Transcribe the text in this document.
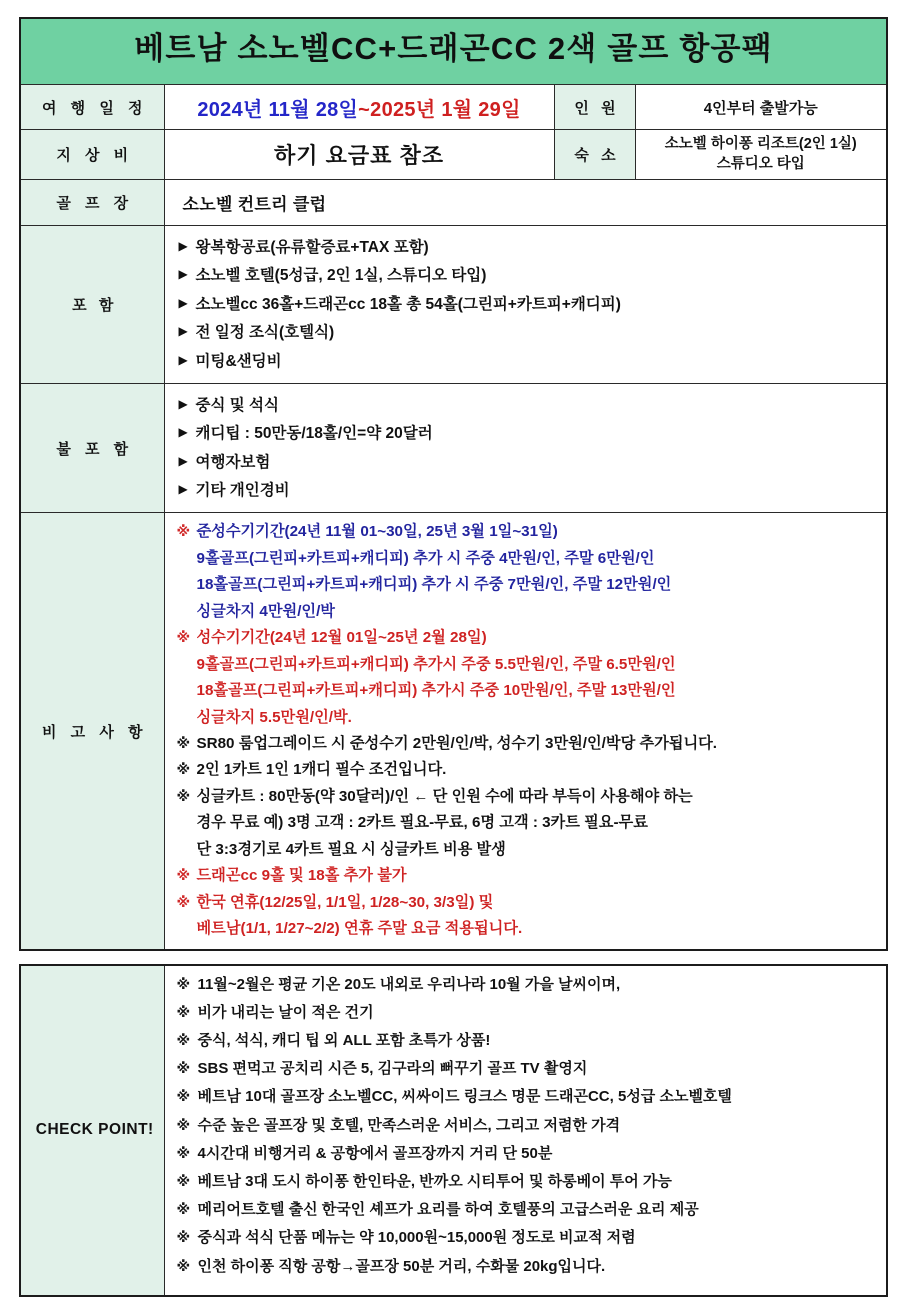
베트남 소노벨CC+드래곤CC 2색 골프 항공팩			

여 행 일 정	2024년 11월 28일~2025년 1월 29일	인 원	4인부터 출발가능

지 상 비	하기 요금표 참조	숙 소	소노벨 하이퐁 리조트(2인 1실)
스튜디오 타입

골 프 장	소노벨 컨트리 클럽		

포 함	
▶ 왕복항공료(유류할증료+TAX 포함)
▶ 소노벨 호텔(5성급, 2인 1실, 스튜디오 타입)
▶ 소노벨cc 36홀+드래곤cc 18홀 총 54홀(그린피+카트피+캐디피)
▶ 전 일정 조식(호텔식)
▶ 미팅&샌딩비

불 포 함	
▶ 중식 및 석식
▶ 캐디팁 : 50만동/18홀/인=약 20달러
▶ 여행자보험
▶ 기타 개인경비

비 고 사 항	
※ 준성수기기간(24년 11월 01~30일, 25년 3월 1일~31일)
9홀골프(그린피+카트피+캐디피) 추가 시 주중 4만원/인, 주말 6만원/인
18홀골프(그린피+카트피+캐디피) 추가 시 주중 7만원/인, 주말 12만원/인
싱글차지 4만원/인/박
※ 성수기기간(24년 12월 01일~25년 2월 28일)
9홀골프(그린피+카트피+캐디피) 추가시 주중 5.5만원/인, 주말 6.5만원/인
18홀골프(그린피+카트피+캐디피) 추가시 주중 10만원/인, 주말 13만원/인
싱글차지 5.5만원/인/박.
※ SR80 룸업그레이드 시 준성수기 2만원/인/박, 성수기 3만원/인/박당 추가됩니다.
※ 2인 1카트 1인 1캐디 필수 조건입니다.
※ 싱글카트 : 80만동(약 30달러)/인 ← 단 인원 수에 따라 부득이 사용해야 하는
경우 무료 예) 3명 고객 : 2카트 필요-무료, 6명 고객 : 3카트 필요-무료
단 3:3경기로 4카트 필요 시 싱글카트 비용 발생
※ 드래곤cc 9홀 및 18홀 추가 불가
※ 한국 연휴(12/25일, 1/1일, 1/28~30, 3/3일) 및
베트남(1/1, 1/27~2/2) 연휴 주말 요금 적용됩니다.
CHECK POINT!	
※ 11월~2월은 평균 기온 20도 내외로 우리나라 10월 가을 날씨이며,
※ 비가 내리는 날이 적은 건기
※ 중식, 석식, 캐디 팁 외 ALL 포함 초특가 상품!
※ SBS 편먹고 공치리 시즌 5, 김구라의 뻐꾸기 골프 TV 촬영지
※ 베트남 10대 골프장 소노벨CC, 씨싸이드 링크스 명문 드래곤CC, 5성급 소노벨호텔
※ 수준 높은 골프장 및 호텔, 만족스러운 서비스, 그리고 저렴한 가격
※ 4시간대 비행거리 & 공항에서 골프장까지 거리 단 50분
※ 베트남 3대 도시 하이퐁 한인타운, 반까오 시티투어 및 하롱베이 투어 가능
※ 메리어트호텔 출신 한국인 셰프가 요리를 하여 호텔풍의 고급스러운 요리 제공
※ 중식과 석식 단품 메뉴는 약 10,000원~15,000원 정도로 비교적 저렴
※ 인천 하이퐁 직항 공항→골프장 50분 거리, 수화물 20kg입니다.
